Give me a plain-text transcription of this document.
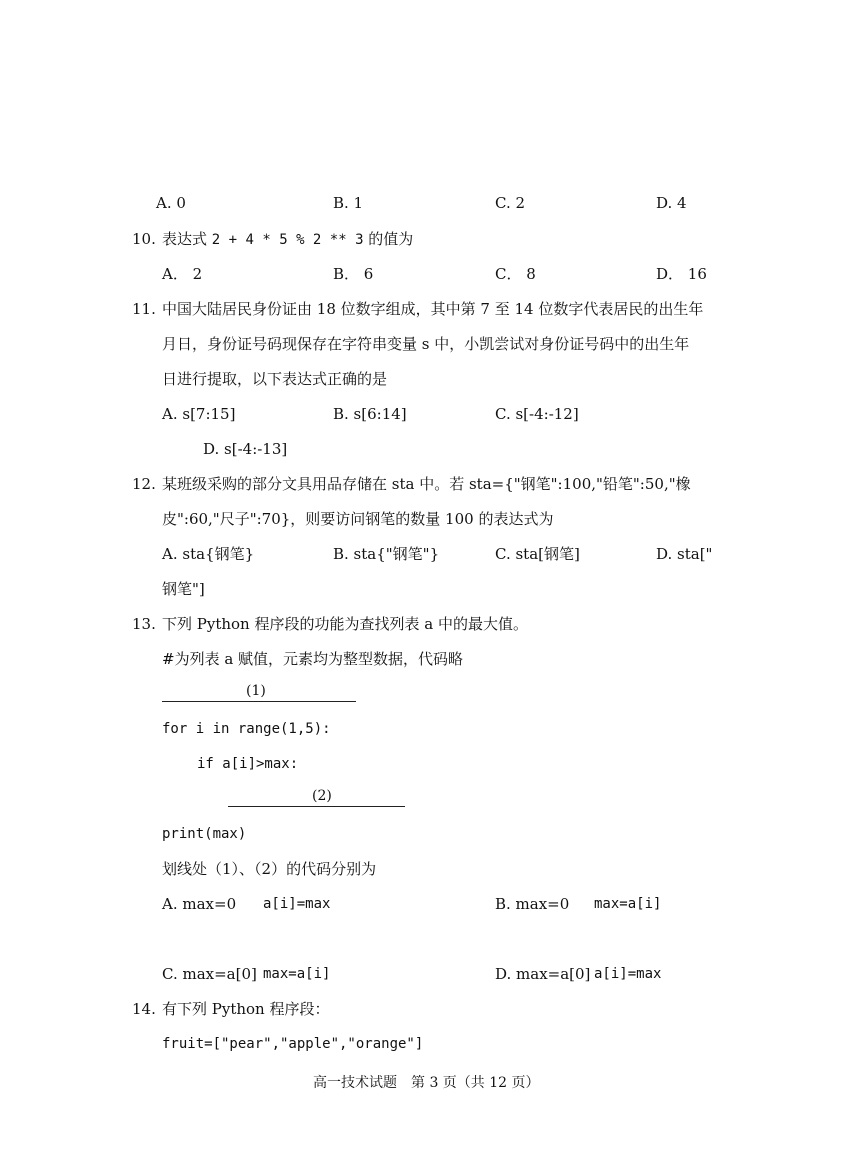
A. 0	B. 1	C. 2	D. 4
10. 表达式 2 + 4 * 5 % 2 ** 3 的值为
A． 2	B． 6	C． 8	D． 16
11. 中国大陆居民身份证由 18 位数字组成，其中第 7 至 14 位数字代表居民的出生年
月日，身份证号码现保存在字符串变量 s 中，小凯尝试对身份证号码中的出生年
日进行提取，以下表达式正确的是
A. s[7:15]	B. s[6:14]	C. s[-4:-12]
D. s[-4:-13]
12. 某班级采购的部分文具用品存储在 sta 中。若 sta={"钢笔":100,"铅笔":50,"橡
皮":60,"尺子":70}，则要访问钢笔的数量 100 的表达式为
A. sta{钢笔}	B. sta{"钢笔"}	C. sta[钢笔]	D. sta["
钢笔"]
13. 下列 Python 程序段的功能为查找列表 a 中的最大值。
#为列表 a 赋值，元素均为整型数据，代码略
(1)
for i in range(1,5):
if a[i]>max:
(2)
print(max)
划线处（1）、（2）的代码分别为
A. max=0 a[i]=max	B. max=0 max=a[i]
C. max=a[0] max=a[i]	D. max=a[0] a[i]=max
14. 有下列 Python 程序段：
fruit=["pear","apple","orange"]
高一技术试题　第 3 页（共 12 页）
